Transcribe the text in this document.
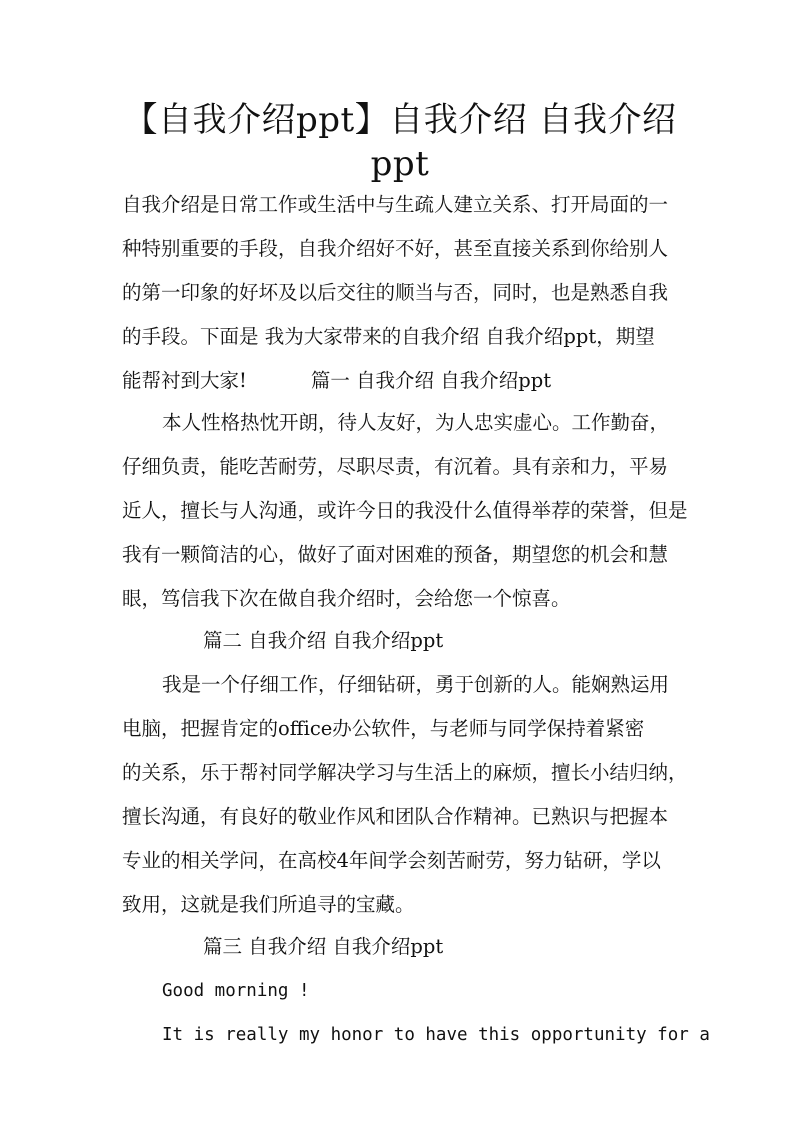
【自我介绍ppt】自我介绍 自我介绍
ppt
自我介绍是日常工作或生活中与生疏人建立关系、打开局面的一
种特别重要的手段，自我介绍好不好，甚至直接关系到你给别人
的第一印象的好坏及以后交往的顺当与否，同时，也是熟悉自我
的手段。下面是 我为大家带来的自我介绍 自我介绍ppt，期望
能帮衬到大家!	篇一 自我介绍 自我介绍ppt
本人性格热忱开朗，待人友好，为人忠实虚心。工作勤奋，
仔细负责，能吃苦耐劳，尽职尽责，有沉着。具有亲和力，平易
近人，擅长与人沟通，或许今日的我没什么值得举荐的荣誉，但是
我有一颗简洁的心，做好了面对困难的预备，期望您的机会和慧
眼，笃信我下次在做自我介绍时，会给您一个惊喜。
篇二 自我介绍 自我介绍ppt
我是一个仔细工作，仔细钻研，勇于创新的人。能娴熟运用
电脑，把握肯定的office办公软件，与老师与同学保持着紧密
的关系，乐于帮衬同学解决学习与生活上的麻烦，擅长小结归纳，
擅长沟通，有良好的敬业作风和团队合作精神。已熟识与把握本
专业的相关学问，在高校4年间学会刻苦耐劳，努力钻研，学以
致用，这就是我们所追寻的宝藏。
篇三 自我介绍 自我介绍ppt
Good morning !
It is really my honor to have this opportunity for a
